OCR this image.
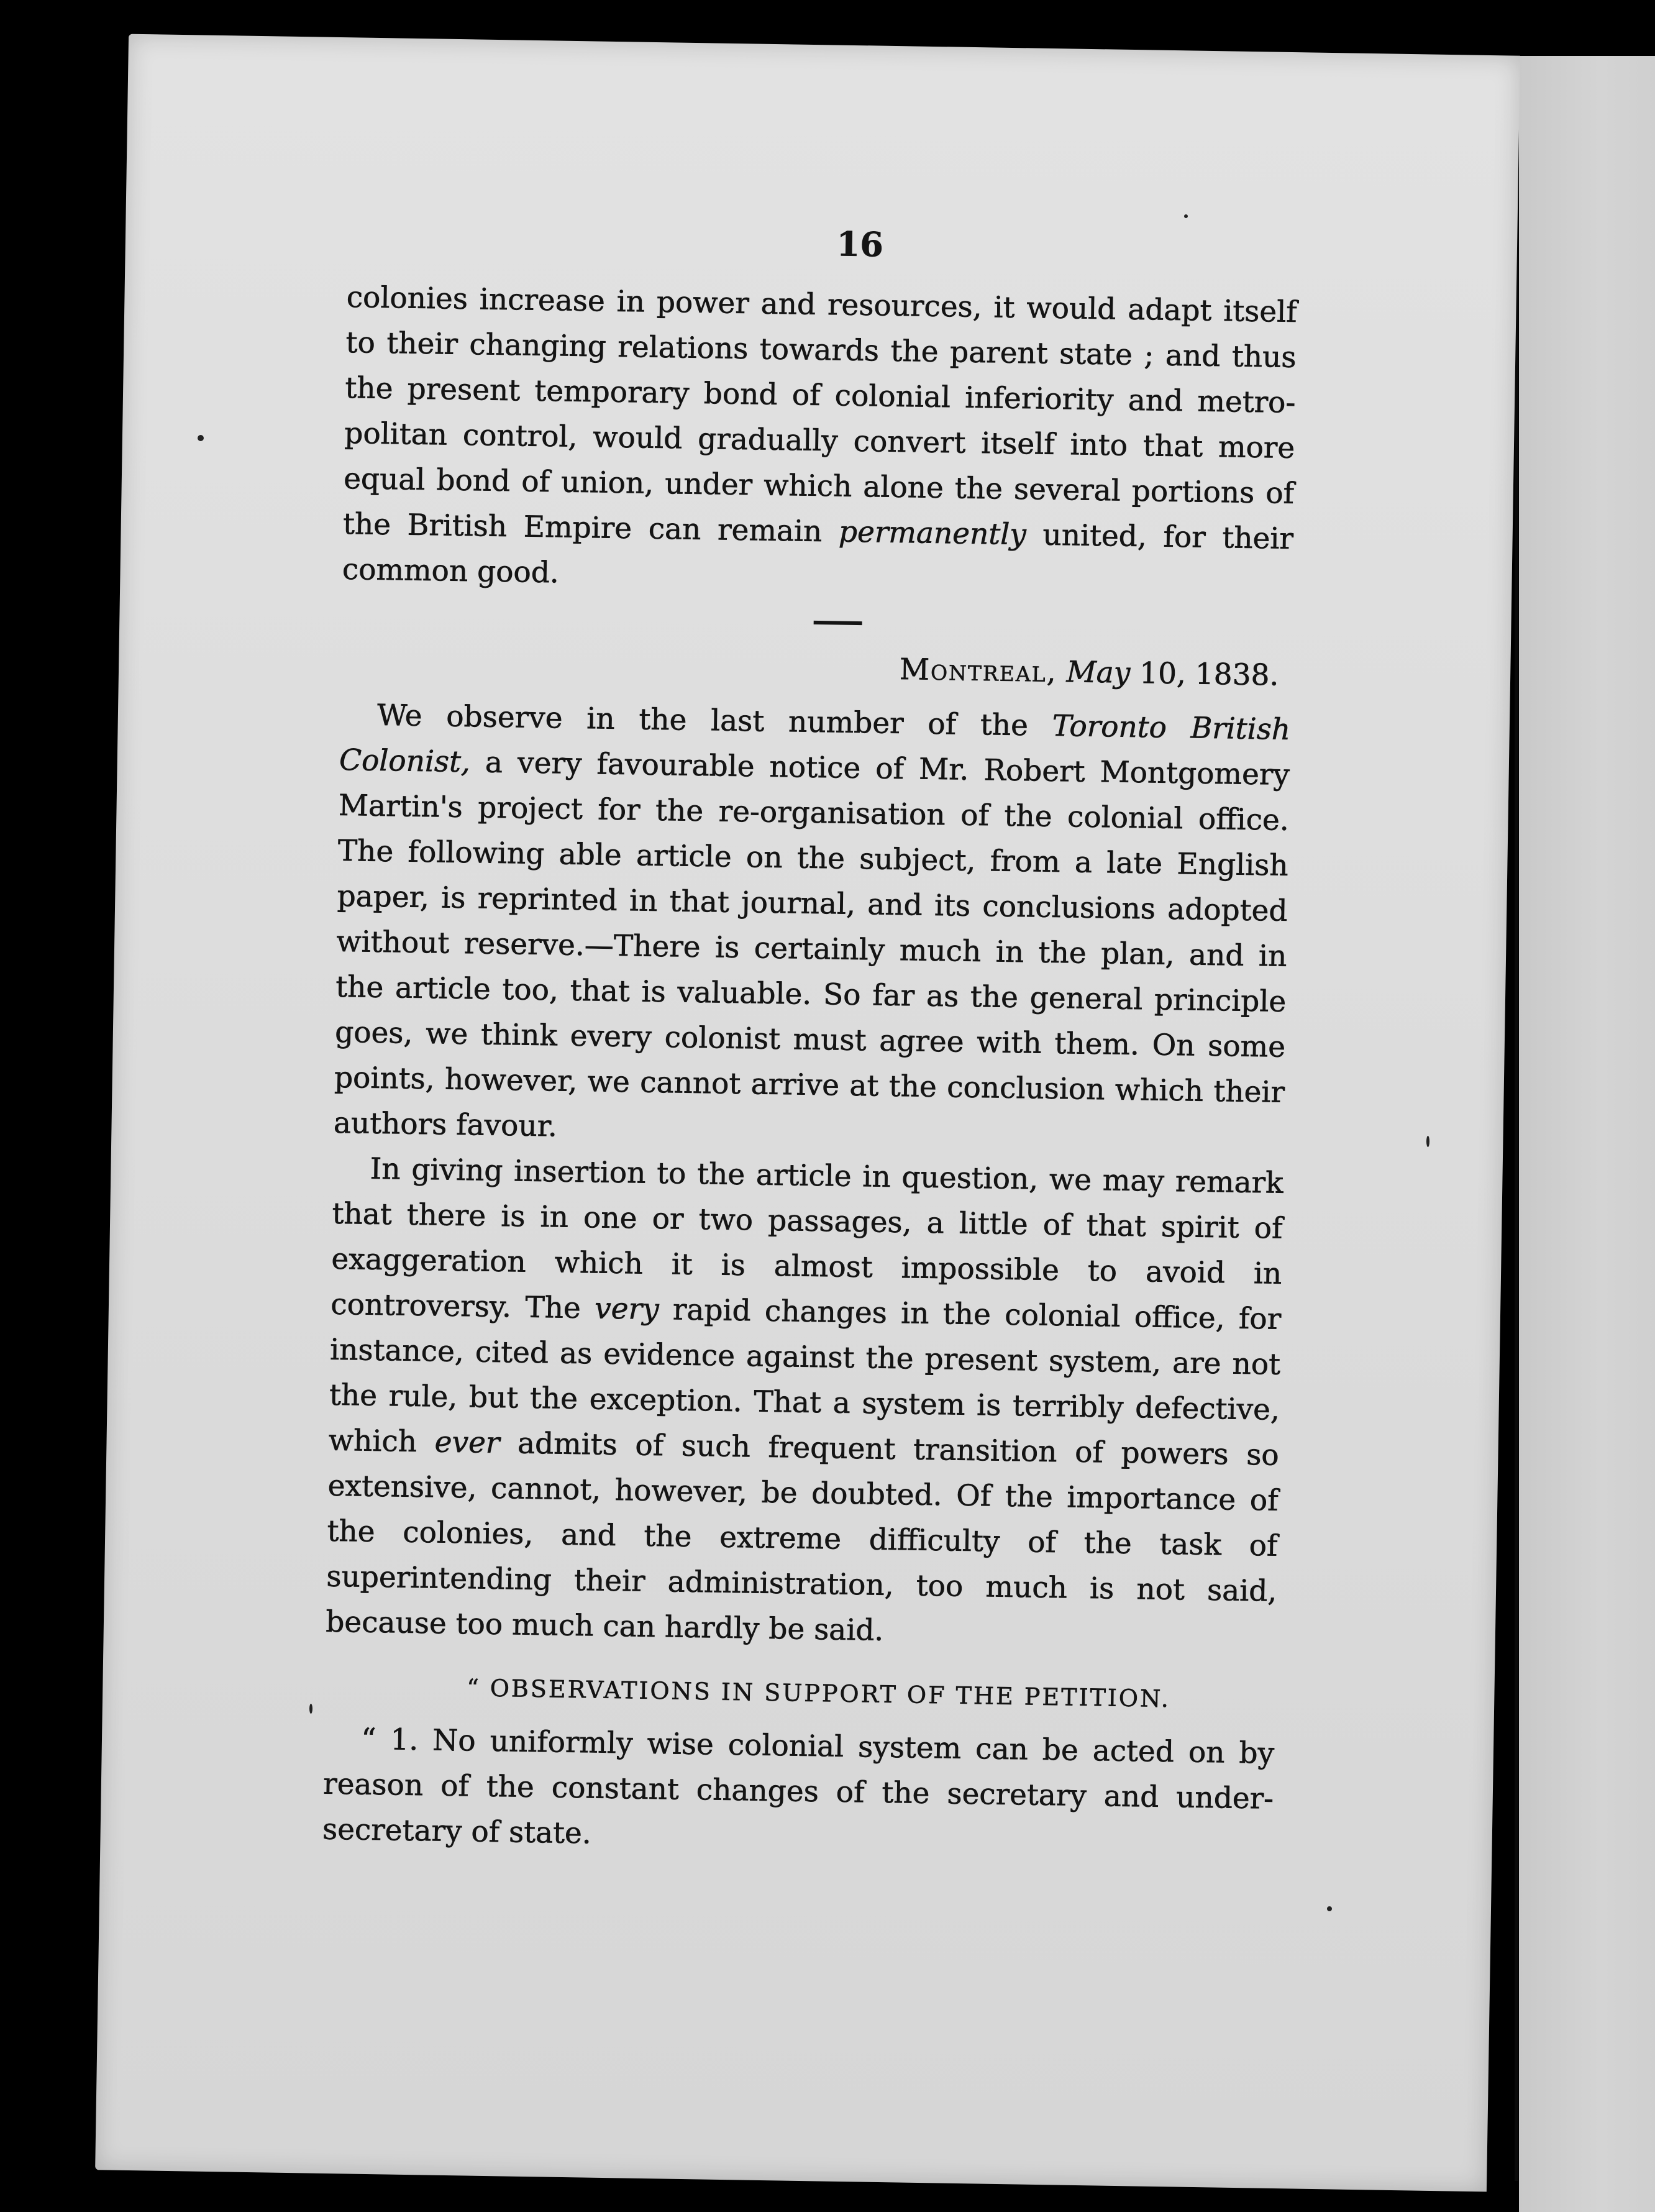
16

colonies increase in power and resources, it would adapt itself to their changing relations towards the parent state ; and thus the present temporary bond of colonial inferiority and metro-politan control, would gradually convert itself into that more equal bond of union, under which alone the several portions of the British Empire can remain permanently united, for their common good.

Montreal, May 10, 1838.

We observe in the last number of the Toronto British Colonist, a very favourable notice of Mr. Robert Montgomery Martin's project for the re-organisation of the colonial office. The following able article on the subject, from a late English paper, is reprinted in that journal, and its conclusions adopted without reserve.—There is certainly much in the plan, and in the article too, that is valuable. So far as the general principle goes, we think every colonist must agree with them. On some points, however, we cannot arrive at the conclusion which their authors favour.

In giving insertion to the article in question, we may remark that there is in one or two passages, a little of that spirit of exaggeration which it is almost impossible to avoid in controversy. The very rapid changes in the colonial office, for instance, cited as evidence against the present system, are not the rule, but the exception. That a system is terribly defective, which ever admits of such frequent transition of powers so extensive, cannot, however, be doubted. Of the importance of the colonies, and the extreme difficulty of the task of superintending their administration, too much is not said, because too much can hardly be said.

“ OBSERVATIONS IN SUPPORT OF THE PETITION.

“ 1. No uniformly wise colonial system can be acted on by reason of the constant changes of the secretary and under-secretary of state.
